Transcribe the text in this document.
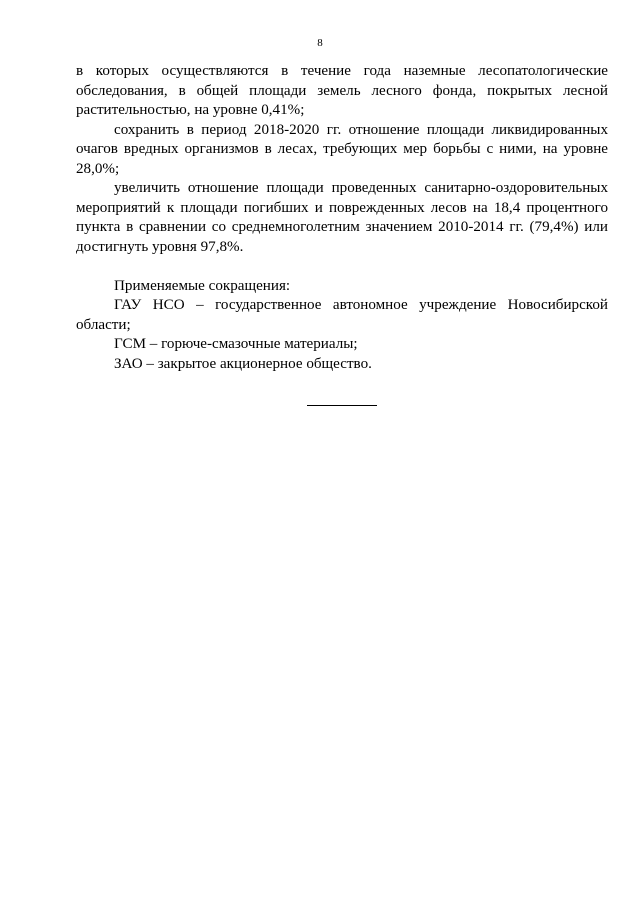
8

в которых осуществляются в течение года наземные лесопатологические обследования, в общей площади земель лесного фонда, покрытых лесной растительностью, на уровне 0,41%;

сохранить в период 2018-2020 гг. отношение площади ликвидированных очагов вредных организмов в лесах, требующих мер борьбы с ними, на уровне 28,0%;

увеличить отношение площади проведенных санитарно-оздоровительных мероприятий к площади погибших и поврежденных лесов на 18,4 процентного пункта в сравнении со среднемноголетним значением 2010-2014 гг. (79,4%) или достигнуть уровня 97,8%.

Применяемые сокращения:

ГАУ НСО – государственное автономное учреждение Новосибирской области;

ГСМ – горюче-смазочные материалы;

ЗАО – закрытое акционерное общество.
